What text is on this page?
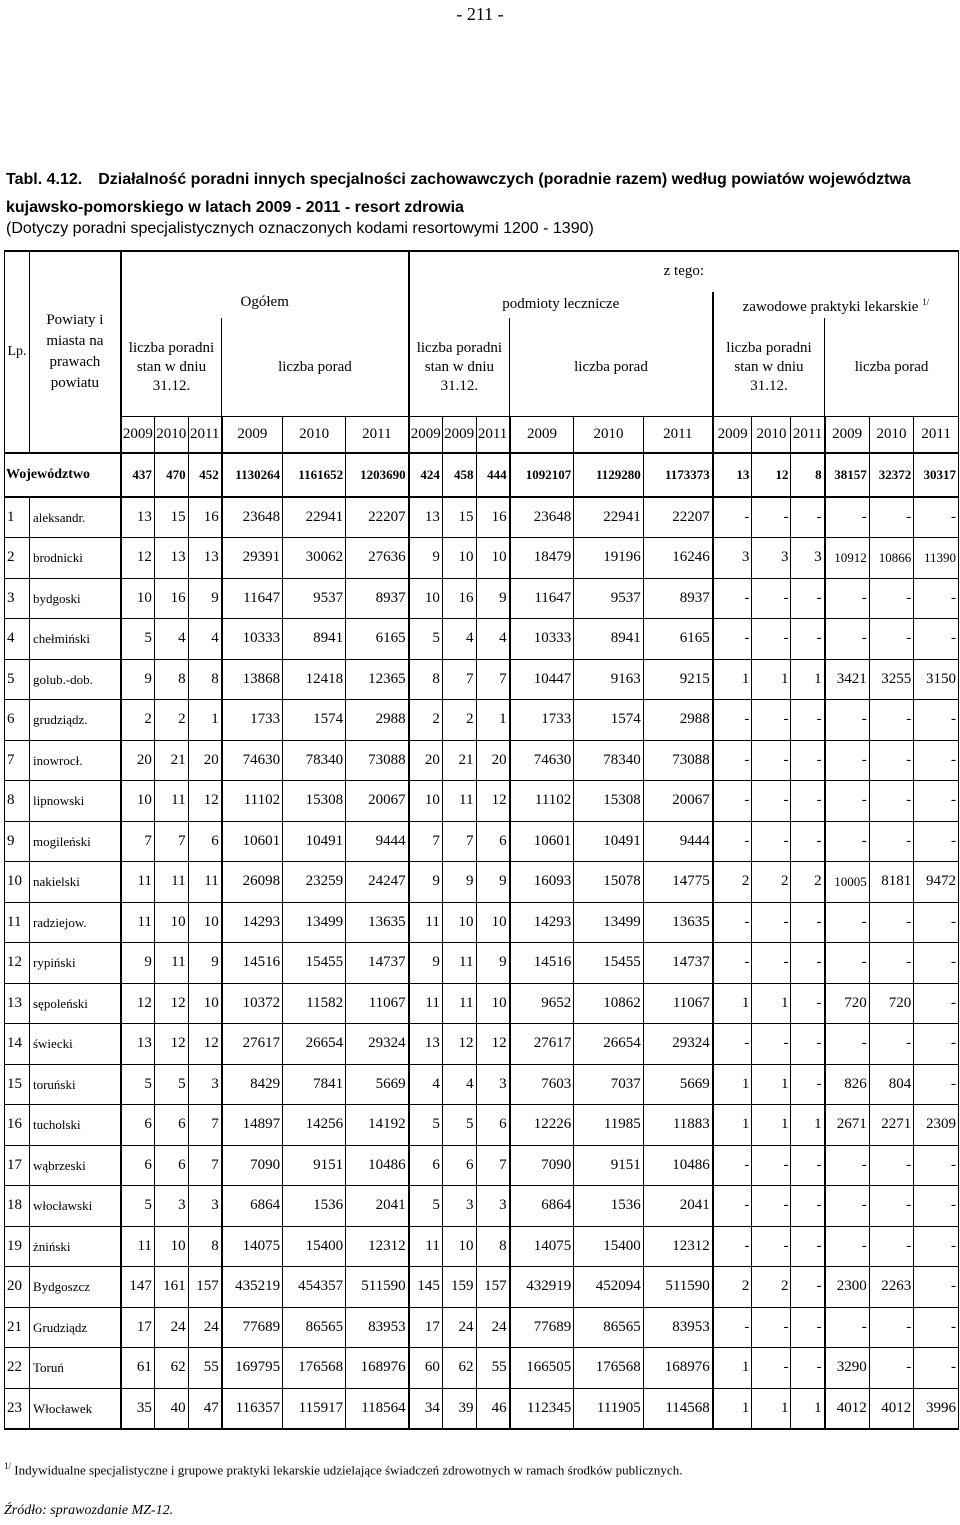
- 211 -
Tabl. 4.12. Działalność poradni innych specjalności zachowawczych (poradnie razem) według powiatów województwa kujawsko-pomorskiego w latach 2009 - 2011 - resort zdrowia
(Dotyczy poradni specjalistycznych oznaczonych kodami resortowymi 1200 - 1390)
Lp.	Powiaty i miasta na prawach powiatu	Ogółem						z tego:											
								podmioty lecznicze						zawodowe praktyki lekarskie $^{1/}$
		liczba poradni stan w dniu 31.12.			liczba porad			liczba poradni stan w dniu 31.12.			liczba porad			liczba poradni stan w dniu 31.12.			liczba porad		
		2009	2010	2011	2009	2010	2011	2009	2009	2011	2009	2010	2011	2009	2010	2011	2009	2010	2011
Województwo		437	470	452	1130264	1161652	1203690	424	458	444	1092107	1129280	1173373	13	12	8	38157	32372	30317
1	aleksandr.	13	15	16	23648	22941	22207	13	15	16	23648	22941	22207	-	-	-	-	-	-
2	brodnicki	12	13	13	29391	30062	27636	9	10	10	18479	19196	16246	3	3	3	10912	10866	11390
3	bydgoski	10	16	9	11647	9537	8937	10	16	9	11647	9537	8937	-	-	-	-	-	-
4	chełmiński	5	4	4	10333	8941	6165	5	4	4	10333	8941	6165	-	-	-	-	-	-
5	golub.-dob.	9	8	8	13868	12418	12365	8	7	7	10447	9163	9215	1	1	1	3421	3255	3150
6	grudziądz.	2	2	1	1733	1574	2988	2	2	1	1733	1574	2988	-	-	-	-	-	-
7	inowrocł.	20	21	20	74630	78340	73088	20	21	20	74630	78340	73088	-	-	-	-	-	-
8	lipnowski	10	11	12	11102	15308	20067	10	11	12	11102	15308	20067	-	-	-	-	-	-
9	mogileński	7	7	6	10601	10491	9444	7	7	6	10601	10491	9444	-	-	-	-	-	-
10	nakielski	11	11	11	26098	23259	24247	9	9	9	16093	15078	14775	2	2	2	10005	8181	9472
11	radziejow.	11	10	10	14293	13499	13635	11	10	10	14293	13499	13635	-	-	-	-	-	-
12	rypiński	9	11	9	14516	15455	14737	9	11	9	14516	15455	14737	-	-	-	-	-	-
13	sępoleński	12	12	10	10372	11582	11067	11	11	10	9652	10862	11067	1	1	-	720	720	-
14	świecki	13	12	12	27617	26654	29324	13	12	12	27617	26654	29324	-	-	-	-	-	-
15	toruński	5	5	3	8429	7841	5669	4	4	3	7603	7037	5669	1	1	-	826	804	-
16	tucholski	6	6	7	14897	14256	14192	5	5	6	12226	11985	11883	1	1	1	2671	2271	2309
17	wąbrzeski	6	6	7	7090	9151	10486	6	6	7	7090	9151	10486	-	-	-	-	-	-
18	włocławski	5	3	3	6864	1536	2041	5	3	3	6864	1536	2041	-	-	-	-	-	-
19	żniński	11	10	8	14075	15400	12312	11	10	8	14075	15400	12312	-	-	-	-	-	-
20	Bydgoszcz	147	161	157	435219	454357	511590	145	159	157	432919	452094	511590	2	2	-	2300	2263	-
21	Grudziądz	17	24	24	77689	86565	83953	17	24	24	77689	86565	83953	-	-	-	-	-	-
22	Toruń	61	62	55	169795	176568	168976	60	62	55	166505	176568	168976	1	-	-	3290	-	-
23	Włocławek	35	40	47	116357	115917	118564	34	39	46	112345	111905	114568	1	1	1	4012	4012	3996
$^{1/}$ Indywidualne specjalistyczne i grupowe praktyki lekarskie udzielające świadczeń zdrowotnych w ramach środków publicznych.
Źródło: sprawozdanie MZ-12.
